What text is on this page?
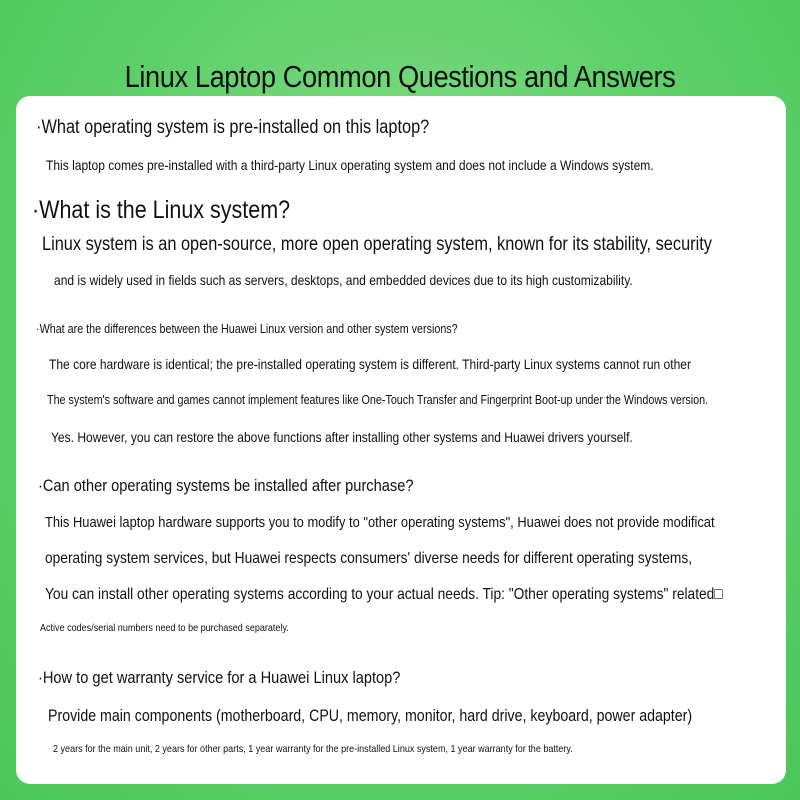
Linux Laptop Common Questions and Answers
·What operating system is pre-installed on this laptop?
This laptop comes pre-installed with a third-party Linux operating system and does not include a Windows system.
·What is the Linux system?
Linux system is an open-source, more open operating system, known for its stability, security
and is widely used in fields such as servers, desktops, and embedded devices due to its high customizability.
·What are the differences between the Huawei Linux version and other system versions?
The core hardware is identical; the pre-installed operating system is different. Third-party Linux systems cannot run other
The system's software and games cannot implement features like One-Touch Transfer and Fingerprint Boot-up under the Windows version.
Yes. However, you can restore the above functions after installing other systems and Huawei drivers yourself.
·Can other operating systems be installed after purchase?
This Huawei laptop hardware supports you to modify to "other operating systems", Huawei does not provide modificat
operating system services, but Huawei respects consumers' diverse needs for different operating systems,
You can install other operating systems according to your actual needs. Tip: "Other operating systems" related□
Active codes/serial numbers need to be purchased separately.
·How to get warranty service for a Huawei Linux laptop?
Provide main components (motherboard, CPU, memory, monitor, hard drive, keyboard, power adapter)
2 years for the main unit, 2 years for other parts, 1 year warranty for the pre-installed Linux system, 1 year warranty for the battery.
